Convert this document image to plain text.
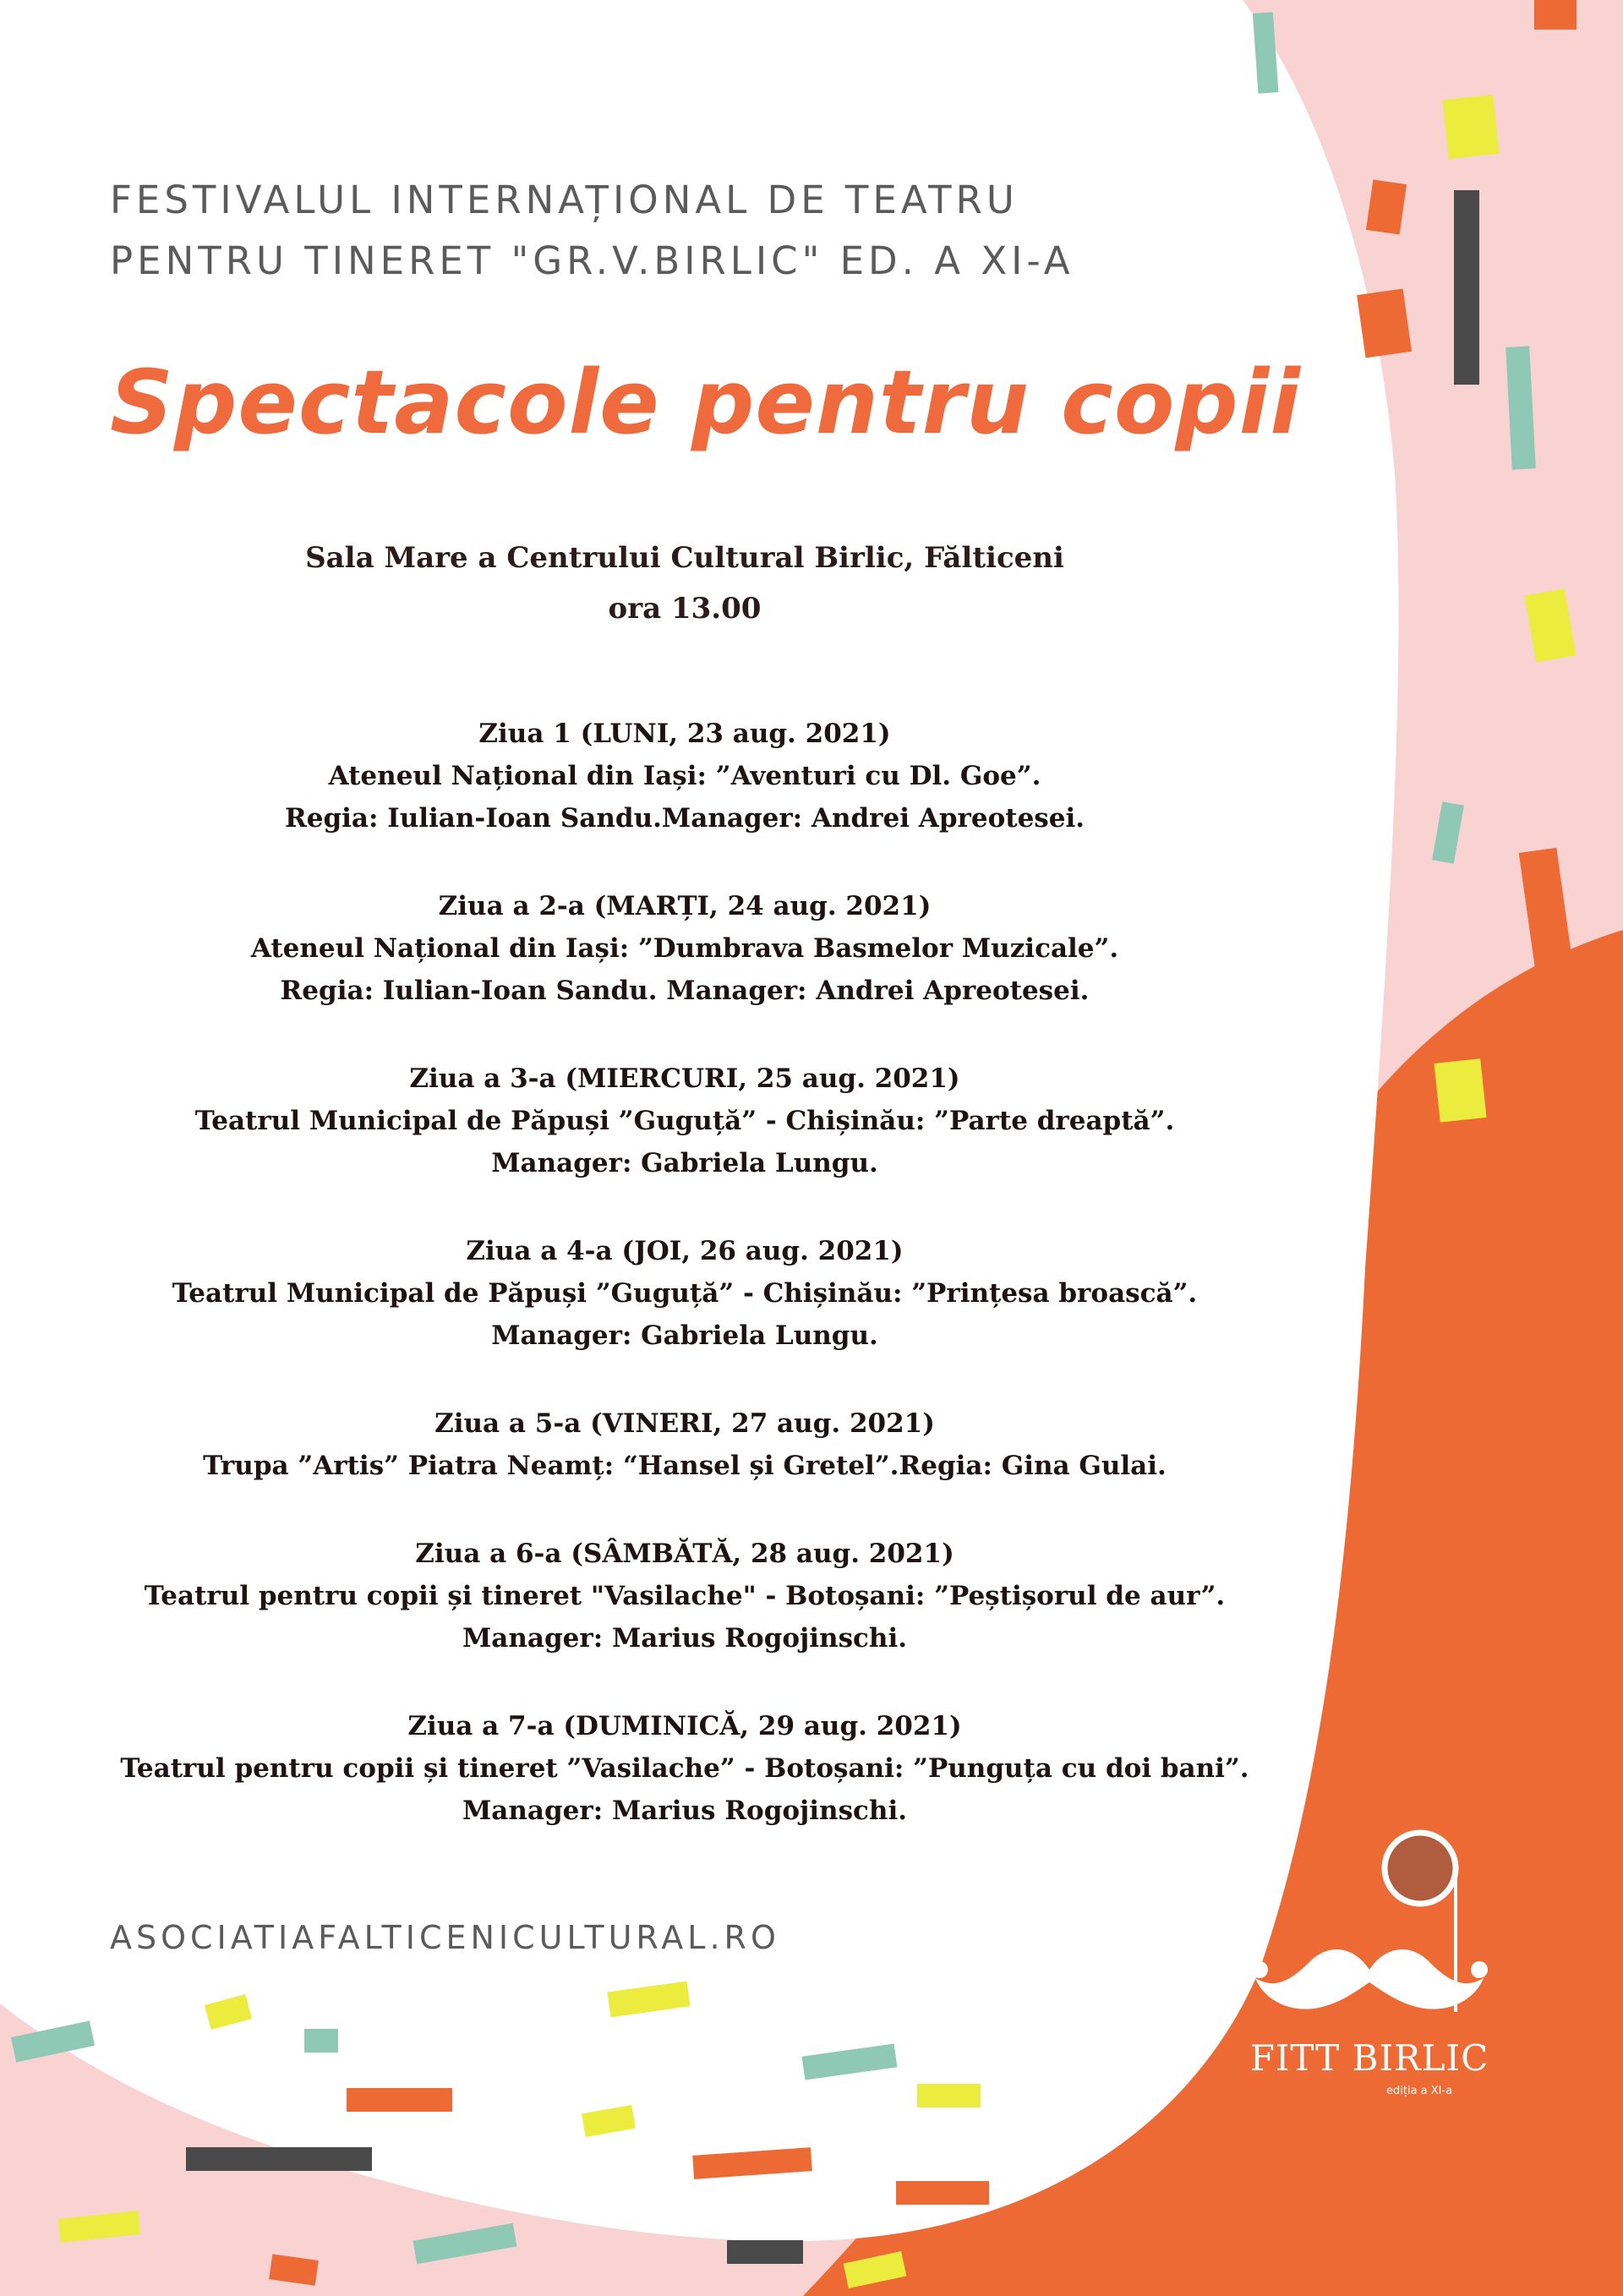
FESTIVALUL INTERNAȚIONAL DE TEATRU
PENTRU TINERET "GR.V.BIRLIC" ED. A XI-A
Spectacole pentru copii
Sala Mare a Centrului Cultural Birlic, Fălticeni
ora 13.00
Ziua 1 (LUNI, 23 aug. 2021)
Ateneul Național din Iași: ”Aventuri cu Dl. Goe”.
Regia: Iulian-Ioan Sandu.Manager: Andrei Apreotesei.
Ziua a 2-a (MARȚI, 24 aug. 2021)
Ateneul Național din Iași: ”Dumbrava Basmelor Muzicale”.
Regia: Iulian-Ioan Sandu. Manager: Andrei Apreotesei.
Ziua a 3-a (MIERCURI, 25 aug. 2021)
Teatrul Municipal de Păpuși ”Guguță” - Chișinău: ”Parte dreaptă”.
Manager: Gabriela Lungu.
Ziua a 4-a (JOI, 26 aug. 2021)
Teatrul Municipal de Păpuși ”Guguță” - Chișinău: ”Prințesa broască”.
Manager: Gabriela Lungu.
Ziua a 5-a (VINERI, 27 aug. 2021)
Trupa ”Artis” Piatra Neamț: “Hansel și Gretel”.Regia: Gina Gulai.
Ziua a 6-a (SÂMBĂTĂ, 28 aug. 2021)
Teatrul pentru copii și tineret "Vasilache" - Botoșani: ”Peștișorul de aur”.
Manager: Marius Rogojinschi.
Ziua a 7-a (DUMINICĂ, 29 aug. 2021)
Teatrul pentru copii și tineret ”Vasilache” - Botoșani: ”Punguța cu doi bani”.
Manager: Marius Rogojinschi.
ASOCIATIAFALTICENICULTURAL.RO
FITT BIRLIC
ediția a XI-a
